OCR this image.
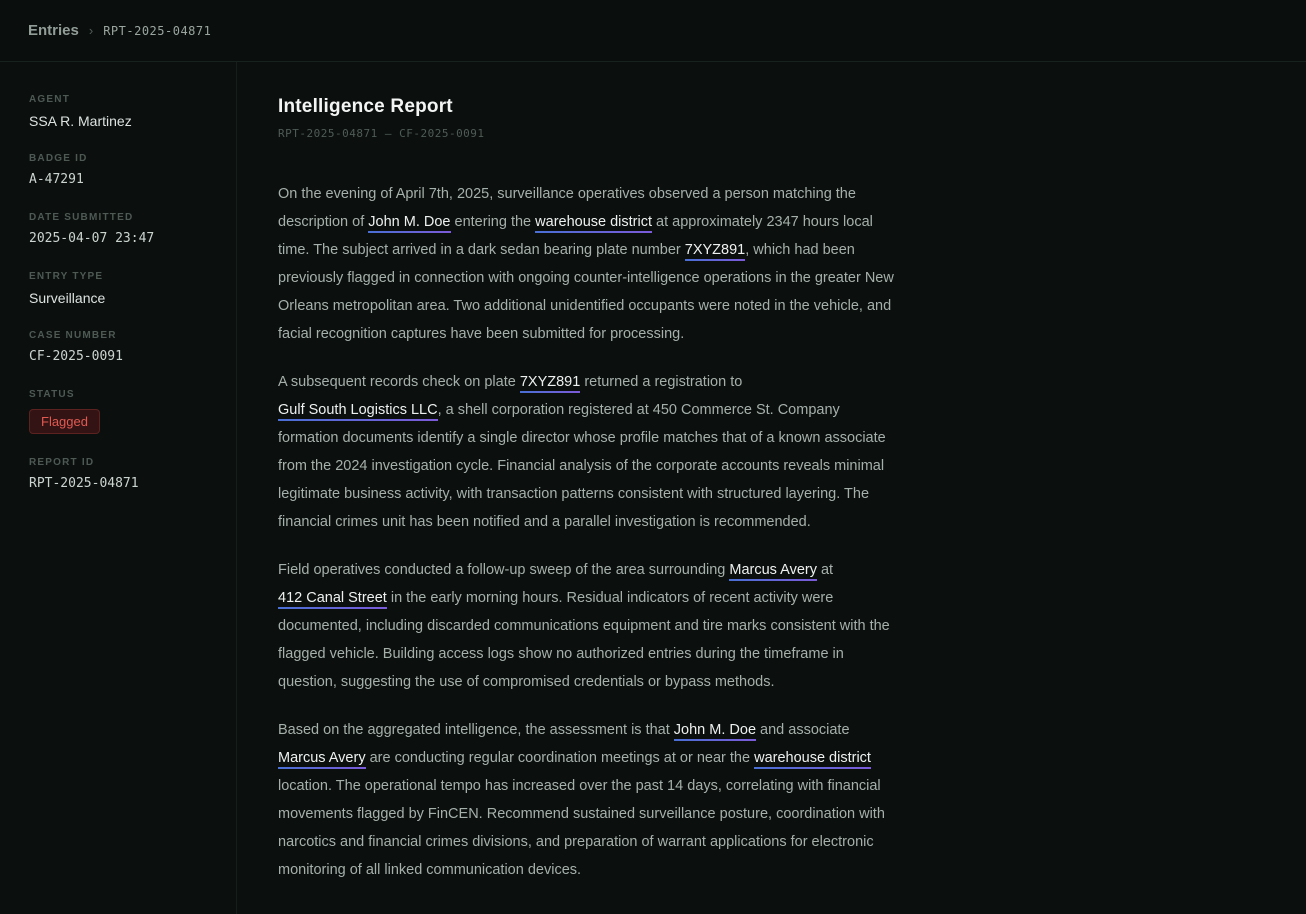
Entries › RPT-2025-04871
AGENT
SSA R. Martinez
BADGE ID
A-47291
DATE SUBMITTED
2025-04-07 23:47
ENTRY TYPE
Surveillance
CASE NUMBER
CF-2025-0091
STATUS
Flagged
REPORT ID
RPT-2025-04871
Intelligence Report
RPT-2025-04871 — CF-2025-0091

On the evening of April 7th, 2025, surveillance operatives observed a person matching the description of John M. Doe entering the warehouse district at approximately 2347 hours local time. The subject arrived in a dark sedan bearing plate number 7XYZ891, which had been previously flagged in connection with ongoing counter-intelligence operations in the greater New Orleans metropolitan area. Two additional unidentified occupants were noted in the vehicle, and facial recognition captures have been submitted for processing.

A subsequent records check on plate 7XYZ891 returned a registration to Gulf South Logistics LLC, a shell corporation registered at 450 Commerce St. Company formation documents identify a single director whose profile matches that of a known associate from the 2024 investigation cycle. Financial analysis of the corporate accounts reveals minimal legitimate business activity, with transaction patterns consistent with structured layering. The financial crimes unit has been notified and a parallel investigation is recommended.

Field operatives conducted a follow-up sweep of the area surrounding Marcus Avery at 412 Canal Street in the early morning hours. Residual indicators of recent activity were documented, including discarded communications equipment and tire marks consistent with the flagged vehicle. Building access logs show no authorized entries during the timeframe in question, suggesting the use of compromised credentials or bypass methods.

Based on the aggregated intelligence, the assessment is that John M. Doe and associate Marcus Avery are conducting regular coordination meetings at or near the warehouse district location. The operational tempo has increased over the past 14 days, correlating with financial movements flagged by FinCEN. Recommend sustained surveillance posture, coordination with narcotics and financial crimes divisions, and preparation of warrant applications for electronic monitoring of all linked communication devices.
